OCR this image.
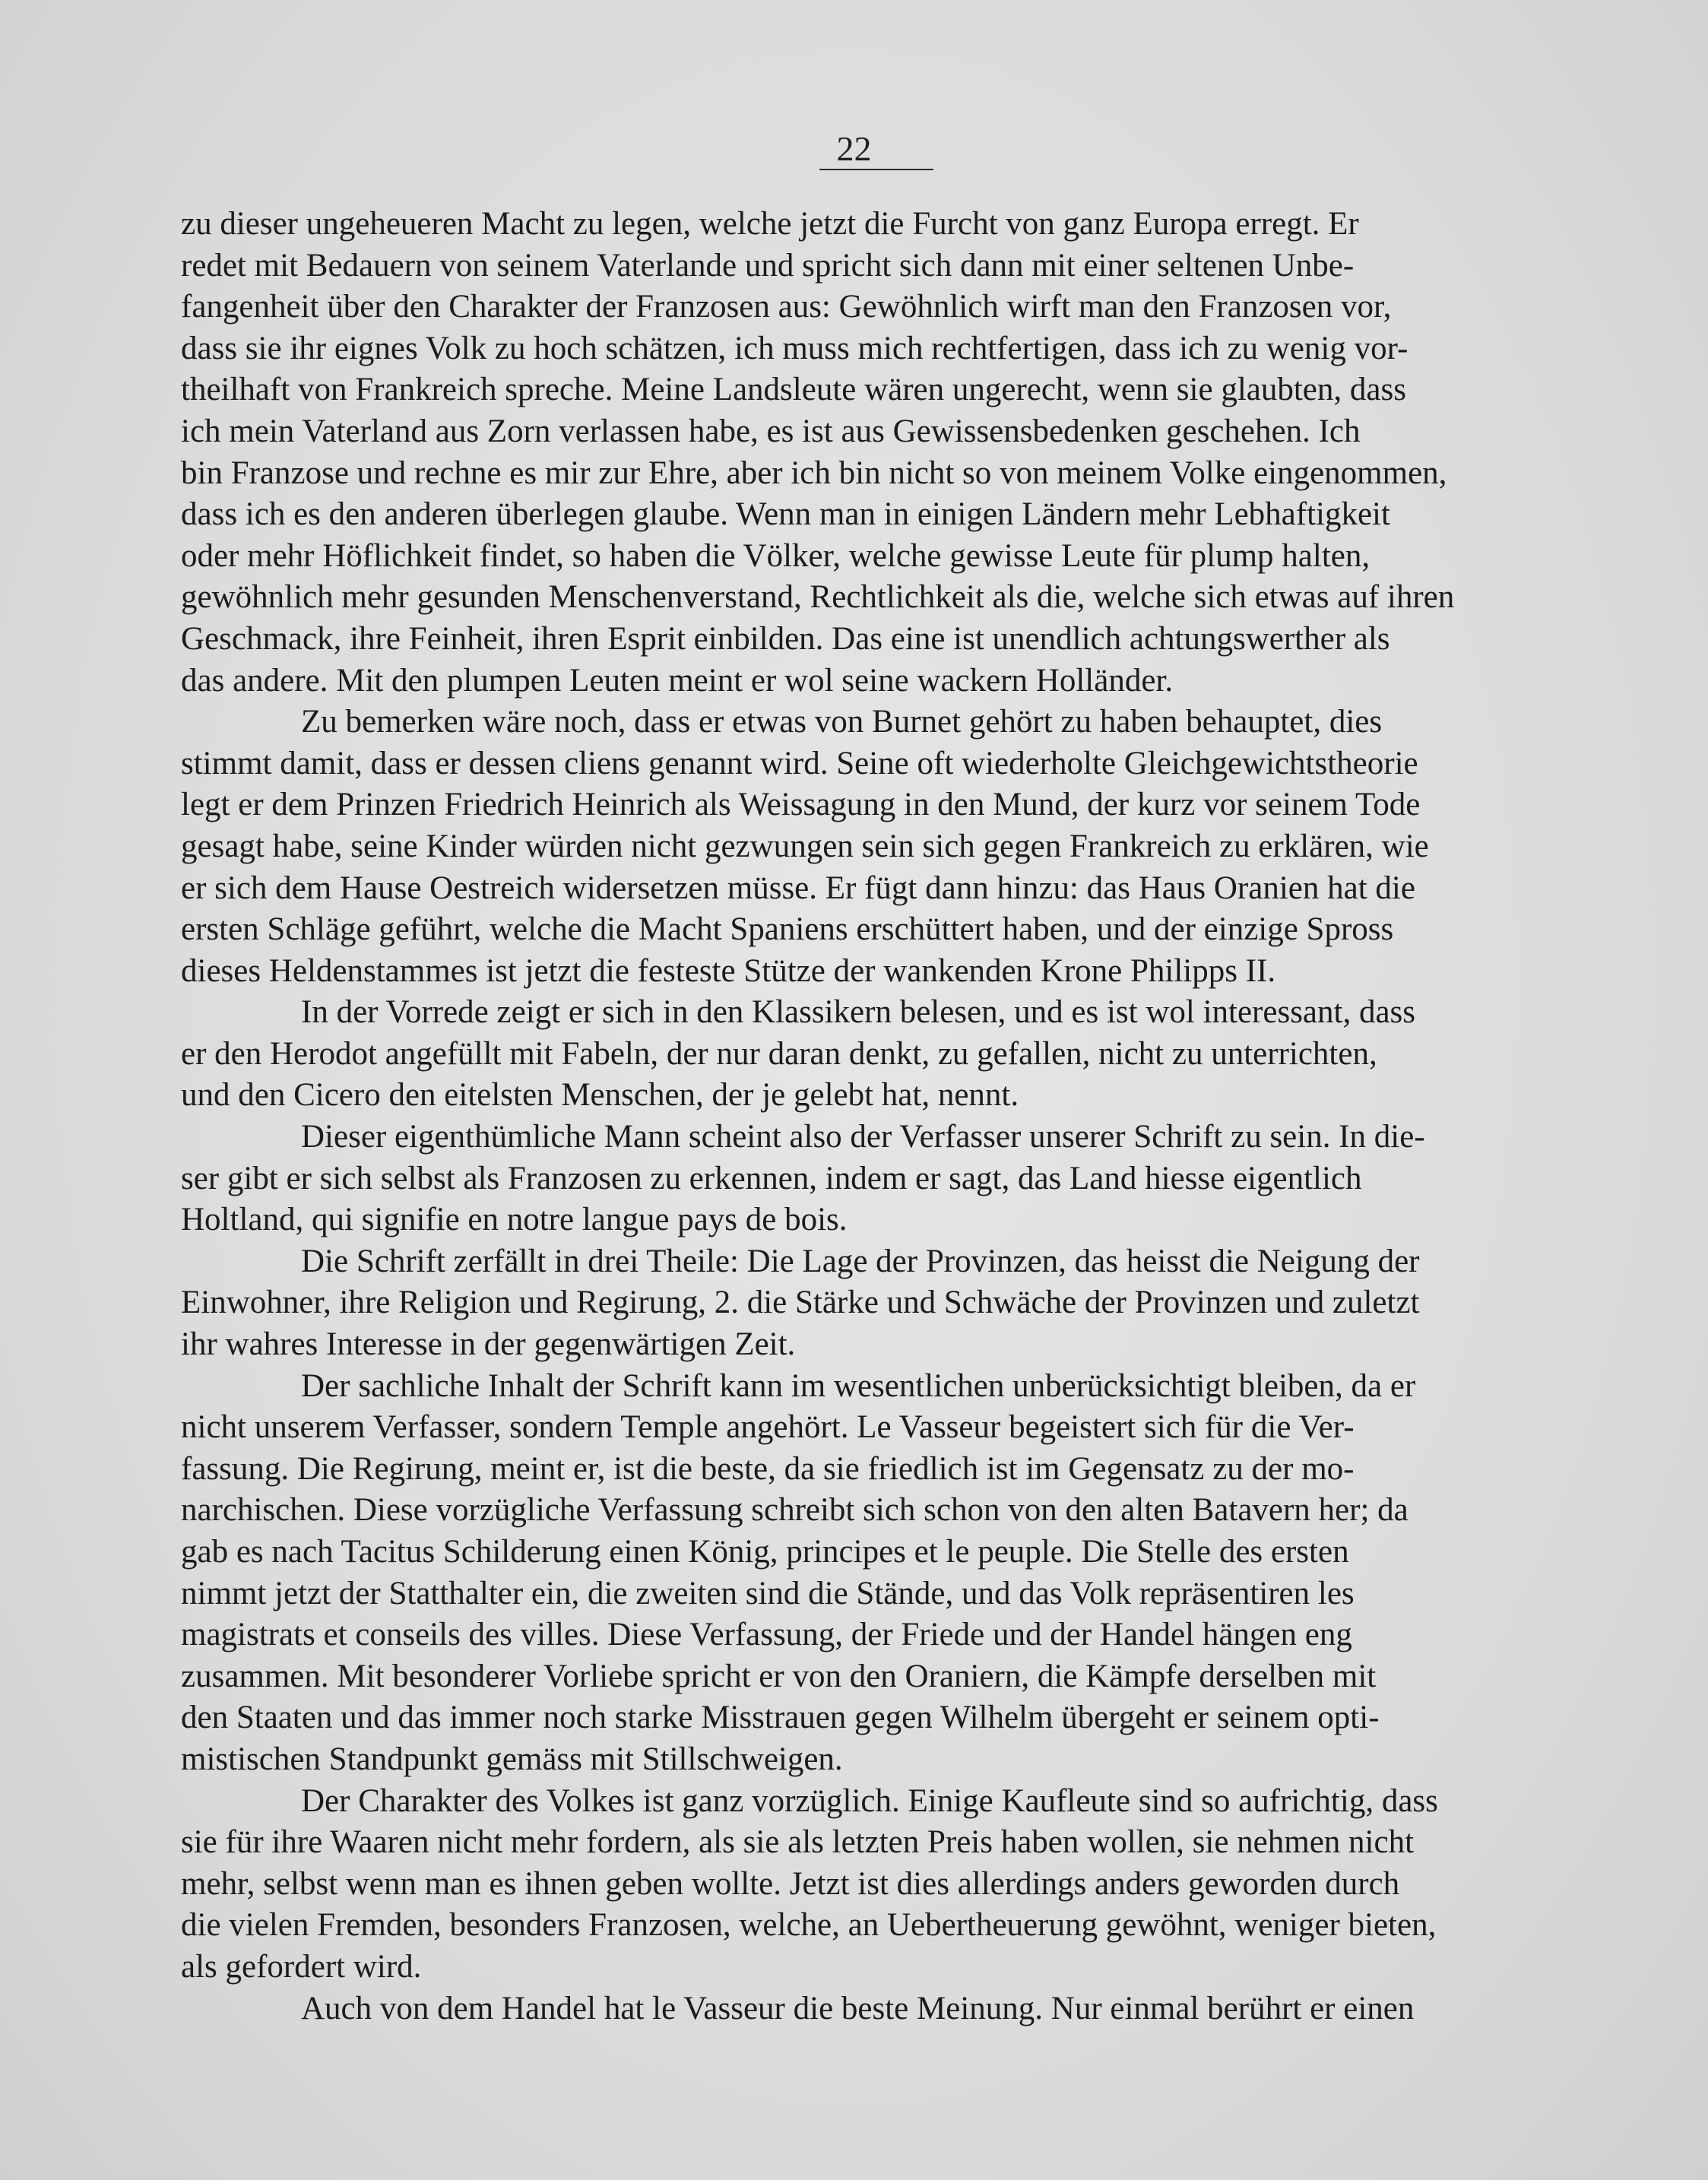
22
zu dieser ungeheueren Macht zu legen, welche jetzt die Furcht von ganz Europa erregt. Er
redet mit Bedauern von seinem Vaterlande und spricht sich dann mit einer seltenen Unbe-
fangenheit über den Charakter der Franzosen aus: Gewöhnlich wirft man den Franzosen vor,
dass sie ihr eignes Volk zu hoch schätzen, ich muss mich rechtfertigen, dass ich zu wenig vor-
theilhaft von Frankreich spreche. Meine Landsleute wären ungerecht, wenn sie glaubten, dass
ich mein Vaterland aus Zorn verlassen habe, es ist aus Gewissensbedenken geschehen. Ich
bin Franzose und rechne es mir zur Ehre, aber ich bin nicht so von meinem Volke eingenommen,
dass ich es den anderen überlegen glaube. Wenn man in einigen Ländern mehr Lebhaftigkeit
oder mehr Höflichkeit findet, so haben die Völker, welche gewisse Leute für plump halten,
gewöhnlich mehr gesunden Menschenverstand, Rechtlichkeit als die, welche sich etwas auf ihren
Geschmack, ihre Feinheit, ihren Esprit einbilden. Das eine ist unendlich achtungswerther als
das andere. Mit den plumpen Leuten meint er wol seine wackern Holländer.
Zu bemerken wäre noch, dass er etwas von Burnet gehört zu haben behauptet, dies
stimmt damit, dass er dessen cliens genannt wird. Seine oft wiederholte Gleichgewichtstheorie
legt er dem Prinzen Friedrich Heinrich als Weissagung in den Mund, der kurz vor seinem Tode
gesagt habe, seine Kinder würden nicht gezwungen sein sich gegen Frankreich zu erklären, wie
er sich dem Hause Oestreich widersetzen müsse. Er fügt dann hinzu: das Haus Oranien hat die
ersten Schläge geführt, welche die Macht Spaniens erschüttert haben, und der einzige Spross
dieses Heldenstammes ist jetzt die festeste Stütze der wankenden Krone Philipps II.
In der Vorrede zeigt er sich in den Klassikern belesen, und es ist wol interessant, dass
er den Herodot angefüllt mit Fabeln, der nur daran denkt, zu gefallen, nicht zu unterrichten,
und den Cicero den eitelsten Menschen, der je gelebt hat, nennt.
Dieser eigenthümliche Mann scheint also der Verfasser unserer Schrift zu sein. In die-
ser gibt er sich selbst als Franzosen zu erkennen, indem er sagt, das Land hiesse eigentlich
Holtland, qui signifie en notre langue pays de bois.
Die Schrift zerfällt in drei Theile: Die Lage der Provinzen, das heisst die Neigung der
Einwohner, ihre Religion und Regirung, 2. die Stärke und Schwäche der Provinzen und zuletzt
ihr wahres Interesse in der gegenwärtigen Zeit.
Der sachliche Inhalt der Schrift kann im wesentlichen unberücksichtigt bleiben, da er
nicht unserem Verfasser, sondern Temple angehört. Le Vasseur begeistert sich für die Ver-
fassung. Die Regirung, meint er, ist die beste, da sie friedlich ist im Gegensatz zu der mo-
narchischen. Diese vorzügliche Verfassung schreibt sich schon von den alten Batavern her; da
gab es nach Tacitus Schilderung einen König, principes et le peuple. Die Stelle des ersten
nimmt jetzt der Statthalter ein, die zweiten sind die Stände, und das Volk repräsentiren les
magistrats et conseils des villes. Diese Verfassung, der Friede und der Handel hängen eng
zusammen. Mit besonderer Vorliebe spricht er von den Oraniern, die Kämpfe derselben mit
den Staaten und das immer noch starke Misstrauen gegen Wilhelm übergeht er seinem opti-
mistischen Standpunkt gemäss mit Stillschweigen.
Der Charakter des Volkes ist ganz vorzüglich. Einige Kaufleute sind so aufrichtig, dass
sie für ihre Waaren nicht mehr fordern, als sie als letzten Preis haben wollen, sie nehmen nicht
mehr, selbst wenn man es ihnen geben wollte. Jetzt ist dies allerdings anders geworden durch
die vielen Fremden, besonders Franzosen, welche, an Uebertheuerung gewöhnt, weniger bieten,
als gefordert wird.
Auch von dem Handel hat le Vasseur die beste Meinung. Nur einmal berührt er einen
